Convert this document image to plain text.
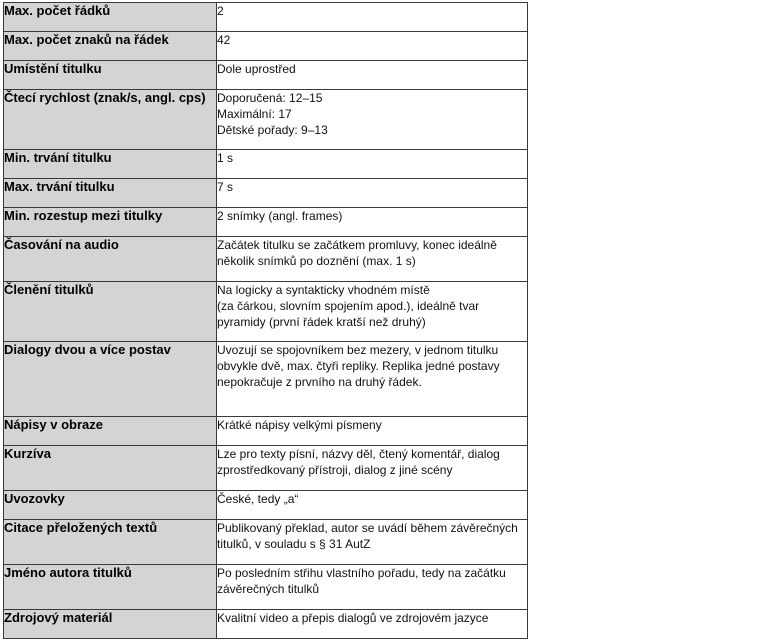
Max. počet řádků	2

Max. počet znaků na řádek	42

Umístění titulku	Dole uprostřed

Čtecí rychlost (znak/s, angl. cps)	Doporučená: 12–15
Maximální: 17
Dětské pořady: 9–13

Min. trvání titulku	1 s

Max. trvání titulku	7 s

Min. rozestup mezi titulky	2 snímky (angl. frames)

Časování na audio	Začátek titulku se začátkem promluvy, konec ideálně několik snímků po doznění (max. 1 s)

Členění titulků	Na logicky a syntakticky vhodném místě
(za čárkou, slovním spojením apod.), ideálně tvar pyramidy (první řádek kratší než druhý)

Dialogy dvou a více postav	Uvozují se spojovníkem bez mezery, v jednom titulku obvykle dvě, max. čtyři repliky. Replika jedné postavy nepokračuje z prvního na druhý řádek.

Nápisy v obraze	Krátké nápisy velkými písmeny

Kurzíva	Lze pro texty písní, názvy děl, čtený komentář, dialog zprostředkovaný přístroji, dialog z jiné scény

Uvozovky	České, tedy „a“

Citace přeložených textů	Publikovaný překlad, autor se uvádí během závěrečných titulků, v souladu s § 31 AutZ

Jméno autora titulků	Po posledním střihu vlastního pořadu, tedy na začátku závěrečných titulků

Zdrojový materiál	Kvalitní video a přepis dialogů ve zdrojovém jazyce
